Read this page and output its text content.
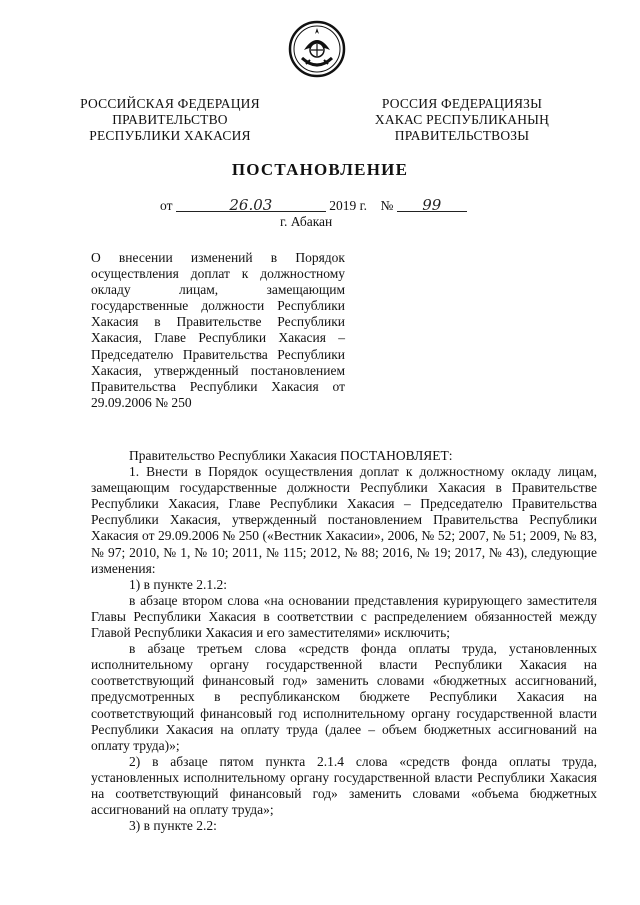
РОССИЙСКАЯ ФЕДЕРАЦИЯ
ПРАВИТЕЛЬСТВО
РЕСПУБЛИКИ ХАКАСИЯ
РОССИЯ ФЕДЕРАЦИЯЗЫ
ХАКАС РЕСПУБЛИКАНЫҢ
ПРАВИТЕЛЬСТВОЗЫ
ПОСТАНОВЛЕНИЕ
от	26.03	2019 г. № 99
г. Абакан
О внесении изменений в Порядок осуществления доплат к должностному окладу лицам, замещающим государственные должности Республики Хакасия в Правительстве Республики Хакасия, Главе Республики Хакасия – Председателю Правительства Республики Хакасия, утвержденный постановлением Правительства Республики Хакасия от 29.09.2006 № 250

Правительство Республики Хакасия ПОСТАНОВЛЯЕТ:

1. Внести в Порядок осуществления доплат к должностному окладу лицам, замещающим государственные должности Республики Хакасия в Правительстве Республики Хакасия, Главе Республики Хакасия – Председателю Правительства Республики Хакасия, утвержденный постановлением Правительства Республики Хакасия от 29.09.2006 № 250 («Вестник Хакасии», 2006, № 52; 2007, № 51; 2009, № 83, № 97; 2010, № 1, № 10; 2011, № 115; 2012, № 88; 2016, № 19; 2017, № 43), следующие изменения:

1) в пункте 2.1.2:

в абзаце втором слова «на основании представления курирующего заместителя Главы Республики Хакасия в соответствии с распределением обязанностей между Главой Республики Хакасия и его заместителями» исключить;

в абзаце третьем слова «средств фонда оплаты труда, установленных исполнительному органу государственной власти Республики Хакасия на соответствующий финансовый год» заменить словами «бюджетных ассигнований, предусмотренных в республиканском бюджете Республики Хакасия на соответствующий финансовый год исполнительному органу государственной власти Республики Хакасия на оплату труда (далее – объем бюджетных ассигнований на оплату труда)»;

2) в абзаце пятом пункта 2.1.4 слова «средств фонда оплаты труда, установленных исполнительному органу государственной власти Республики Хакасия на соответствующий финансовый год» заменить словами «объема бюджетных ассигнований на оплату труда»;

3) в пункте 2.2:
